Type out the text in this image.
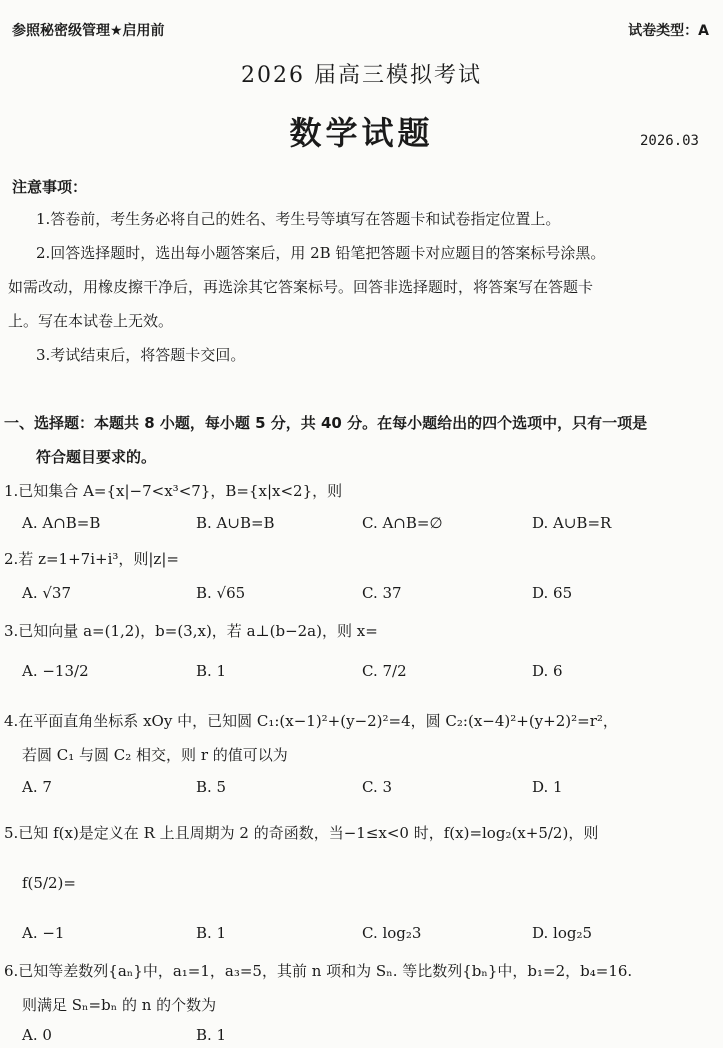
参照秘密级管理★启用前	试卷类型：A
2026 届高三模拟考试
数学试题	2026.03
注意事项：
1.答卷前，考生务必将自己的姓名、考生号等填写在答题卡和试卷指定位置上。
2.回答选择题时，选出每小题答案后，用 2B 铅笔把答题卡对应题目的答案标号涂黑。
如需改动，用橡皮擦干净后，再选涂其它答案标号。回答非选择题时，将答案写在答题卡
上。写在本试卷上无效。
3.考试结束后，将答题卡交回。
一、选择题：本题共 8 小题，每小题 5 分，共 40 分。在每小题给出的四个选项中，只有一项是
符合题目要求的。
1.已知集合 A={x|−7<x³<7}，B={x|x<2}，则
A. A∩B=B	B. A∪B=B	C. A∩B=∅	D. A∪B=R
2.若 z=1+7i+i³，则|z|=
A. √37	B. √65	C. 37	D. 65
3.已知向量 a=(1,2)，b=(3,x)，若 a⊥(b−2a)，则 x=
A. −13/2	B. 1	C. 7/2	D. 6
4.在平面直角坐标系 xOy 中，已知圆 C₁:(x−1)²+(y−2)²=4，圆 C₂:(x−4)²+(y+2)²=r²，
若圆 C₁ 与圆 C₂ 相交，则 r 的值可以为
A. 7	B. 5	C. 3	D. 1
5.已知 f(x)是定义在 R 上且周期为 2 的奇函数，当−1≤x<0 时，f(x)=log₂(x+5/2)，则
f(5/2)=
A. −1	B. 1	C. log₂3	D. log₂5
6.已知等差数列{aₙ}中，a₁=1，a₃=5，其前 n 项和为 Sₙ. 等比数列{bₙ}中，b₁=2，b₄=16.
则满足 Sₙ=bₙ 的 n 的个数为
A. 0	B. 1
